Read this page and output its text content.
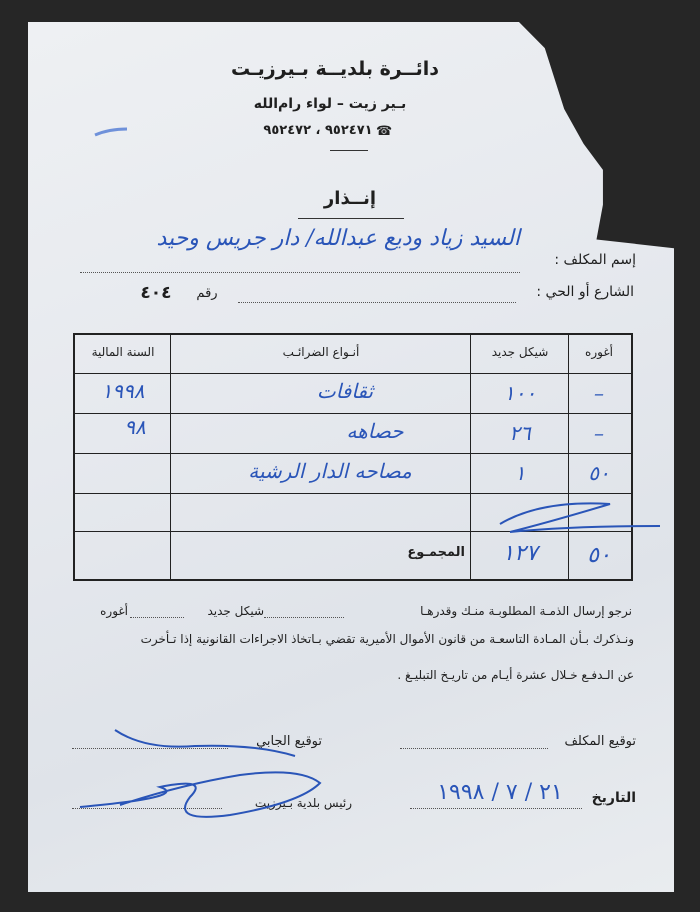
دائــرة بلديــة بـيرزيـت
بـير زيت – لواء رام‌الله
☎
٩٥٢٤٧١ ، ٩٥٢٤٧٢
إنــذار
إسم المكلف :
السيد زياد وديع عبدالله/ دار جريس وحيد
الشارع أو الحي :
رقم
٤٠٤
أغوره
شيكل جديد
أنـواع الضرائـب
السنة المالية
–
١٠٠
ثقافات
١٩٩٨
–
٢٦
حصاهه
٩٨
٥٠
١
مصاحه الدار الرشية
المجمـوع	٥٠
١٢٧
نرجو إرسال الذمـة المطلوبـة منـك وقدرهـا
شيكل جديد
أغوره
ونـذكرك بـأن المـادة التاسعـة من قانون الأموال الأميرية تقضي بـاتخاذ الاجراءات القانونية إذا تـأخرت
عن الـدفـع خـلال عشرة أيـام من تاريـخ التبليـغ .
توقيع المكلف
توقيع الجابي
التاريخ
٢١ / ٧ / ١٩٩٨
رئيس بلدية بـيرزيت
